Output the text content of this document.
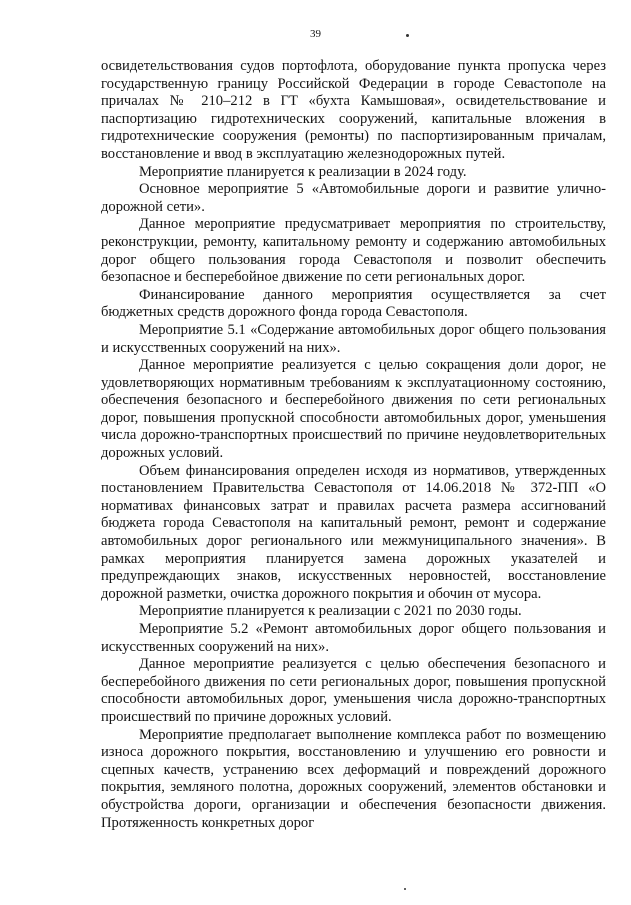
39

освидетельствования судов портофлота, оборудование пункта пропуска через государственную границу Российской Федерации в городе Севастополе на причалах № 210–212 в ГТ «бухта Камышовая», освидетельствование и паспортизацию гидротехнических сооружений, капитальные вложения в гидротехнические сооружения (ремонты) по паспортизированным причалам, восстановление и ввод в эксплуатацию железнодорожных путей.

Мероприятие планируется к реализации в 2024 году.

Основное мероприятие 5 «Автомобильные дороги и развитие улично-дорожной сети».

Данное мероприятие предусматривает мероприятия по строительству, реконструкции, ремонту, капитальному ремонту и содержанию автомобильных дорог общего пользования города Севастополя и позволит обеспечить безопасное и бесперебойное движение по сети региональных дорог.

Финансирование данного мероприятия осуществляется за счет бюджетных средств дорожного фонда города Севастополя.

Мероприятие 5.1 «Содержание автомобильных дорог общего пользования и искусственных сооружений на них».

Данное мероприятие реализуется с целью сокращения доли дорог, не удовлетворяющих нормативным требованиям к эксплуатационному состоянию, обеспечения безопасного и бесперебойного движения по сети региональных дорог, повышения пропускной способности автомобильных дорог, уменьшения числа дорожно-транспортных происшествий по причине неудовлетворительных дорожных условий.

Объем финансирования определен исходя из нормативов, утвержденных постановлением Правительства Севастополя от 14.06.2018 № 372-ПП «О нормативах финансовых затрат и правилах расчета размера ассигнований бюджета города Севастополя на капитальный ремонт, ремонт и содержание автомобильных дорог регионального или межмуниципального значения». В рамках мероприятия планируется замена дорожных указателей и предупреждающих знаков, искусственных неровностей, восстановление дорожной разметки, очистка дорожного покрытия и обочин от мусора.

Мероприятие планируется к реализации с 2021 по 2030 годы.

Мероприятие 5.2 «Ремонт автомобильных дорог общего пользования и искусственных сооружений на них».

Данное мероприятие реализуется с целью обеспечения безопасного и бесперебойного движения по сети региональных дорог, повышения пропускной способности автомобильных дорог, уменьшения числа дорожно-транспортных происшествий по причине дорожных условий.

Мероприятие предполагает выполнение комплекса работ по возмещению износа дорожного покрытия, восстановлению и улучшению его ровности и сцепных качеств, устранению всех деформаций и повреждений дорожного покрытия, земляного полотна, дорожных сооружений, элементов обстановки и обустройства дороги, организации и обеспечения безопасности движения. Протяженность конкретных дорог
